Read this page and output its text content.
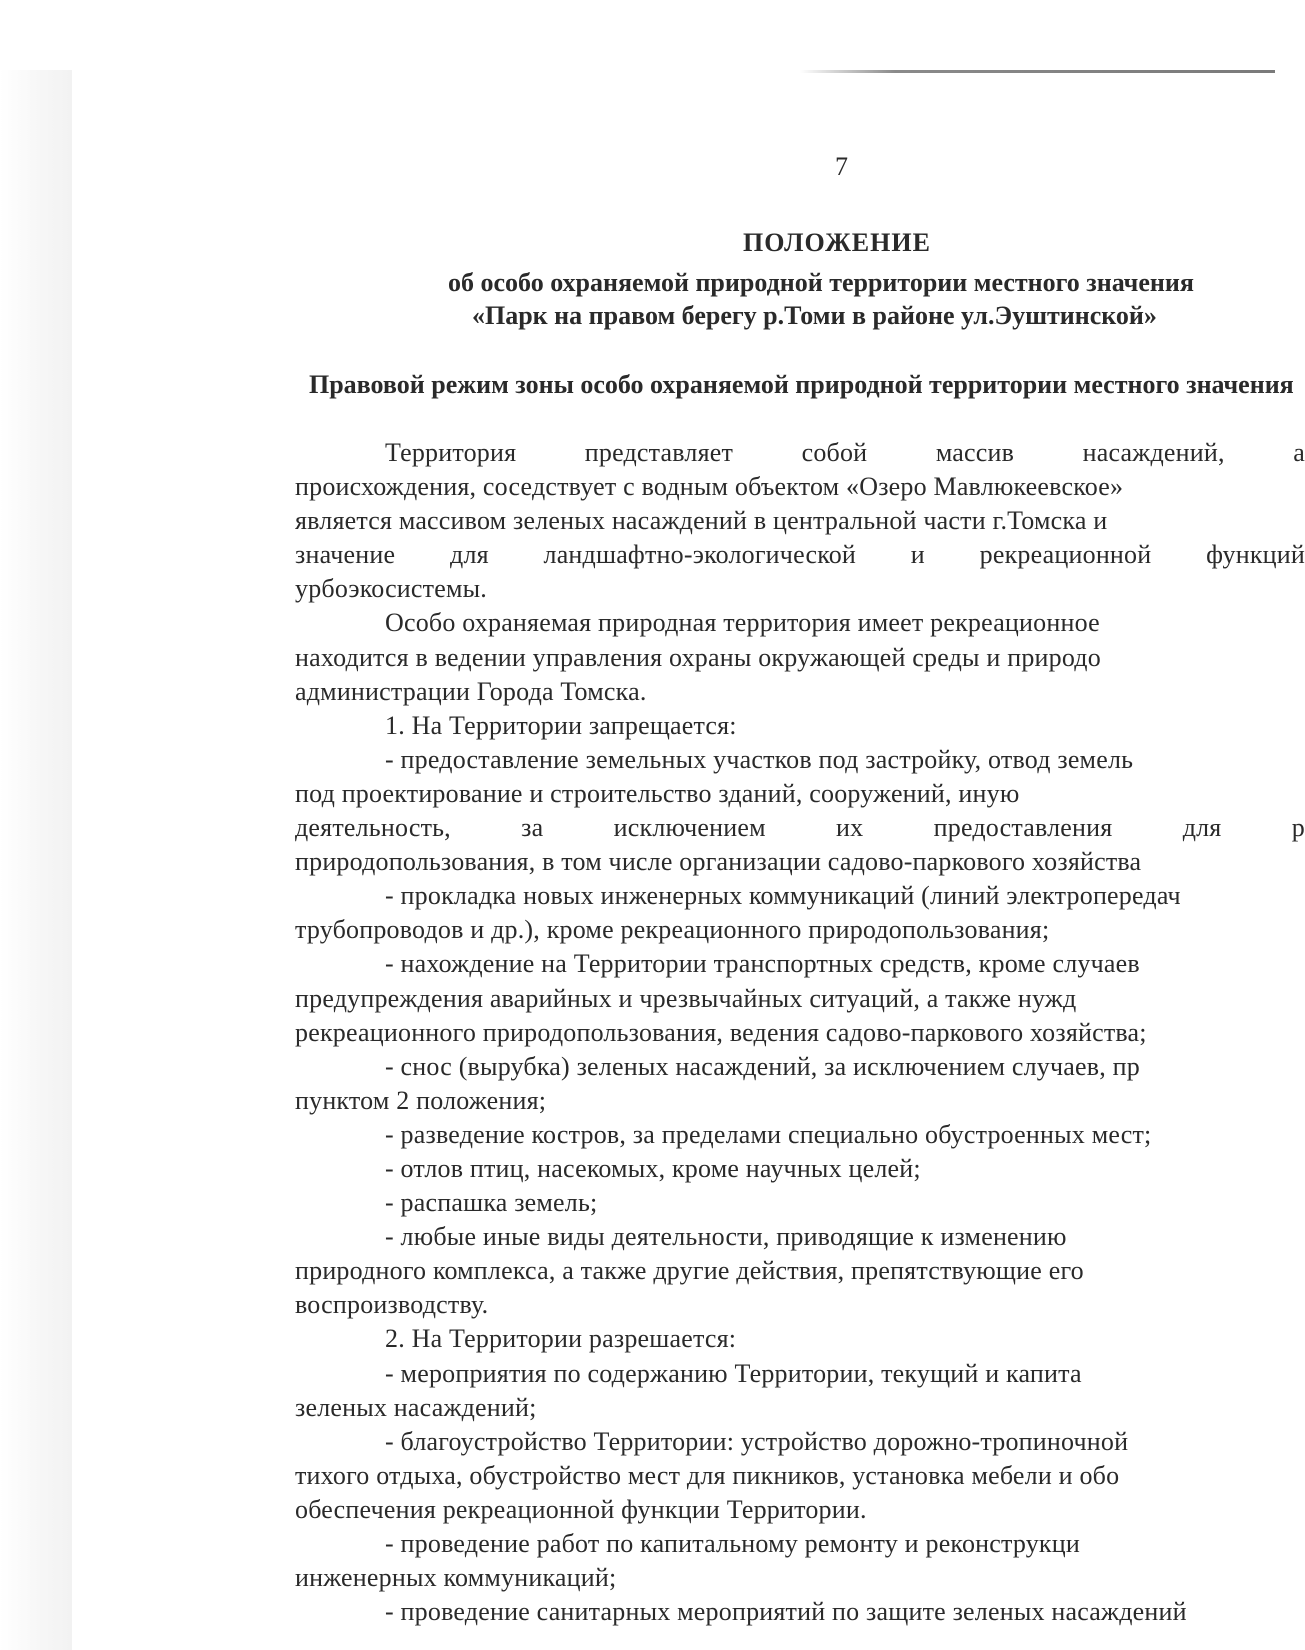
7
ПОЛОЖЕНИЕ
об особо охраняемой природной территории местного значения
«Парк на правом берегу р.Томи в районе ул.Эуштинской»
Правовой режим зоны особо охраняемой природной территории местного значения
Территория	представляет	собой	массив	насаждений,	а
происхождения, соседствует с водным объектом «Озеро Мавлюкеевское»
является массивом зеленых насаждений в центральной части г.Томска и
значение для ландшафтно-экологической и рекреационной функций
урбоэкосистемы.
Особо охраняемая природная территория имеет рекреационное
находится в ведении управления охраны окружающей среды и природо
администрации Города Томска.
1. На Территории запрещается:
- предоставление земельных участков под застройку, отвод земель
под проектирование и строительство зданий, сооружений, иную
деятельность,	за	исключением	их	предоставления	для	р
природопользования, в том числе организации садово-паркового хозяйства
- прокладка новых инженерных коммуникаций (линий электропередач
трубопроводов и др.), кроме рекреационного природопользования;
- нахождение на Территории транспортных средств, кроме случаев
предупреждения аварийных и чрезвычайных ситуаций, а также нужд
рекреационного природопользования, ведения садово-паркового хозяйства;
- снос (вырубка) зеленых насаждений, за исключением случаев, пр
пунктом 2 положения;
- разведение костров, за пределами специально обустроенных мест;
- отлов птиц, насекомых, кроме научных целей;
- распашка земель;
- любые иные виды деятельности, приводящие к изменению
природного комплекса, а также другие действия, препятствующие его
воспроизводству.
2. На Территории разрешается:
- мероприятия по содержанию Территории, текущий и капита
зеленых насаждений;
- благоустройство Территории: устройство дорожно-тропиночной
тихого отдыха, обустройство мест для пикников, установка мебели и обо
обеспечения рекреационной функции Территории.
- проведение работ по капитальному ремонту и реконструкци
инженерных коммуникаций;
- проведение санитарных мероприятий по защите зеленых насаждений
